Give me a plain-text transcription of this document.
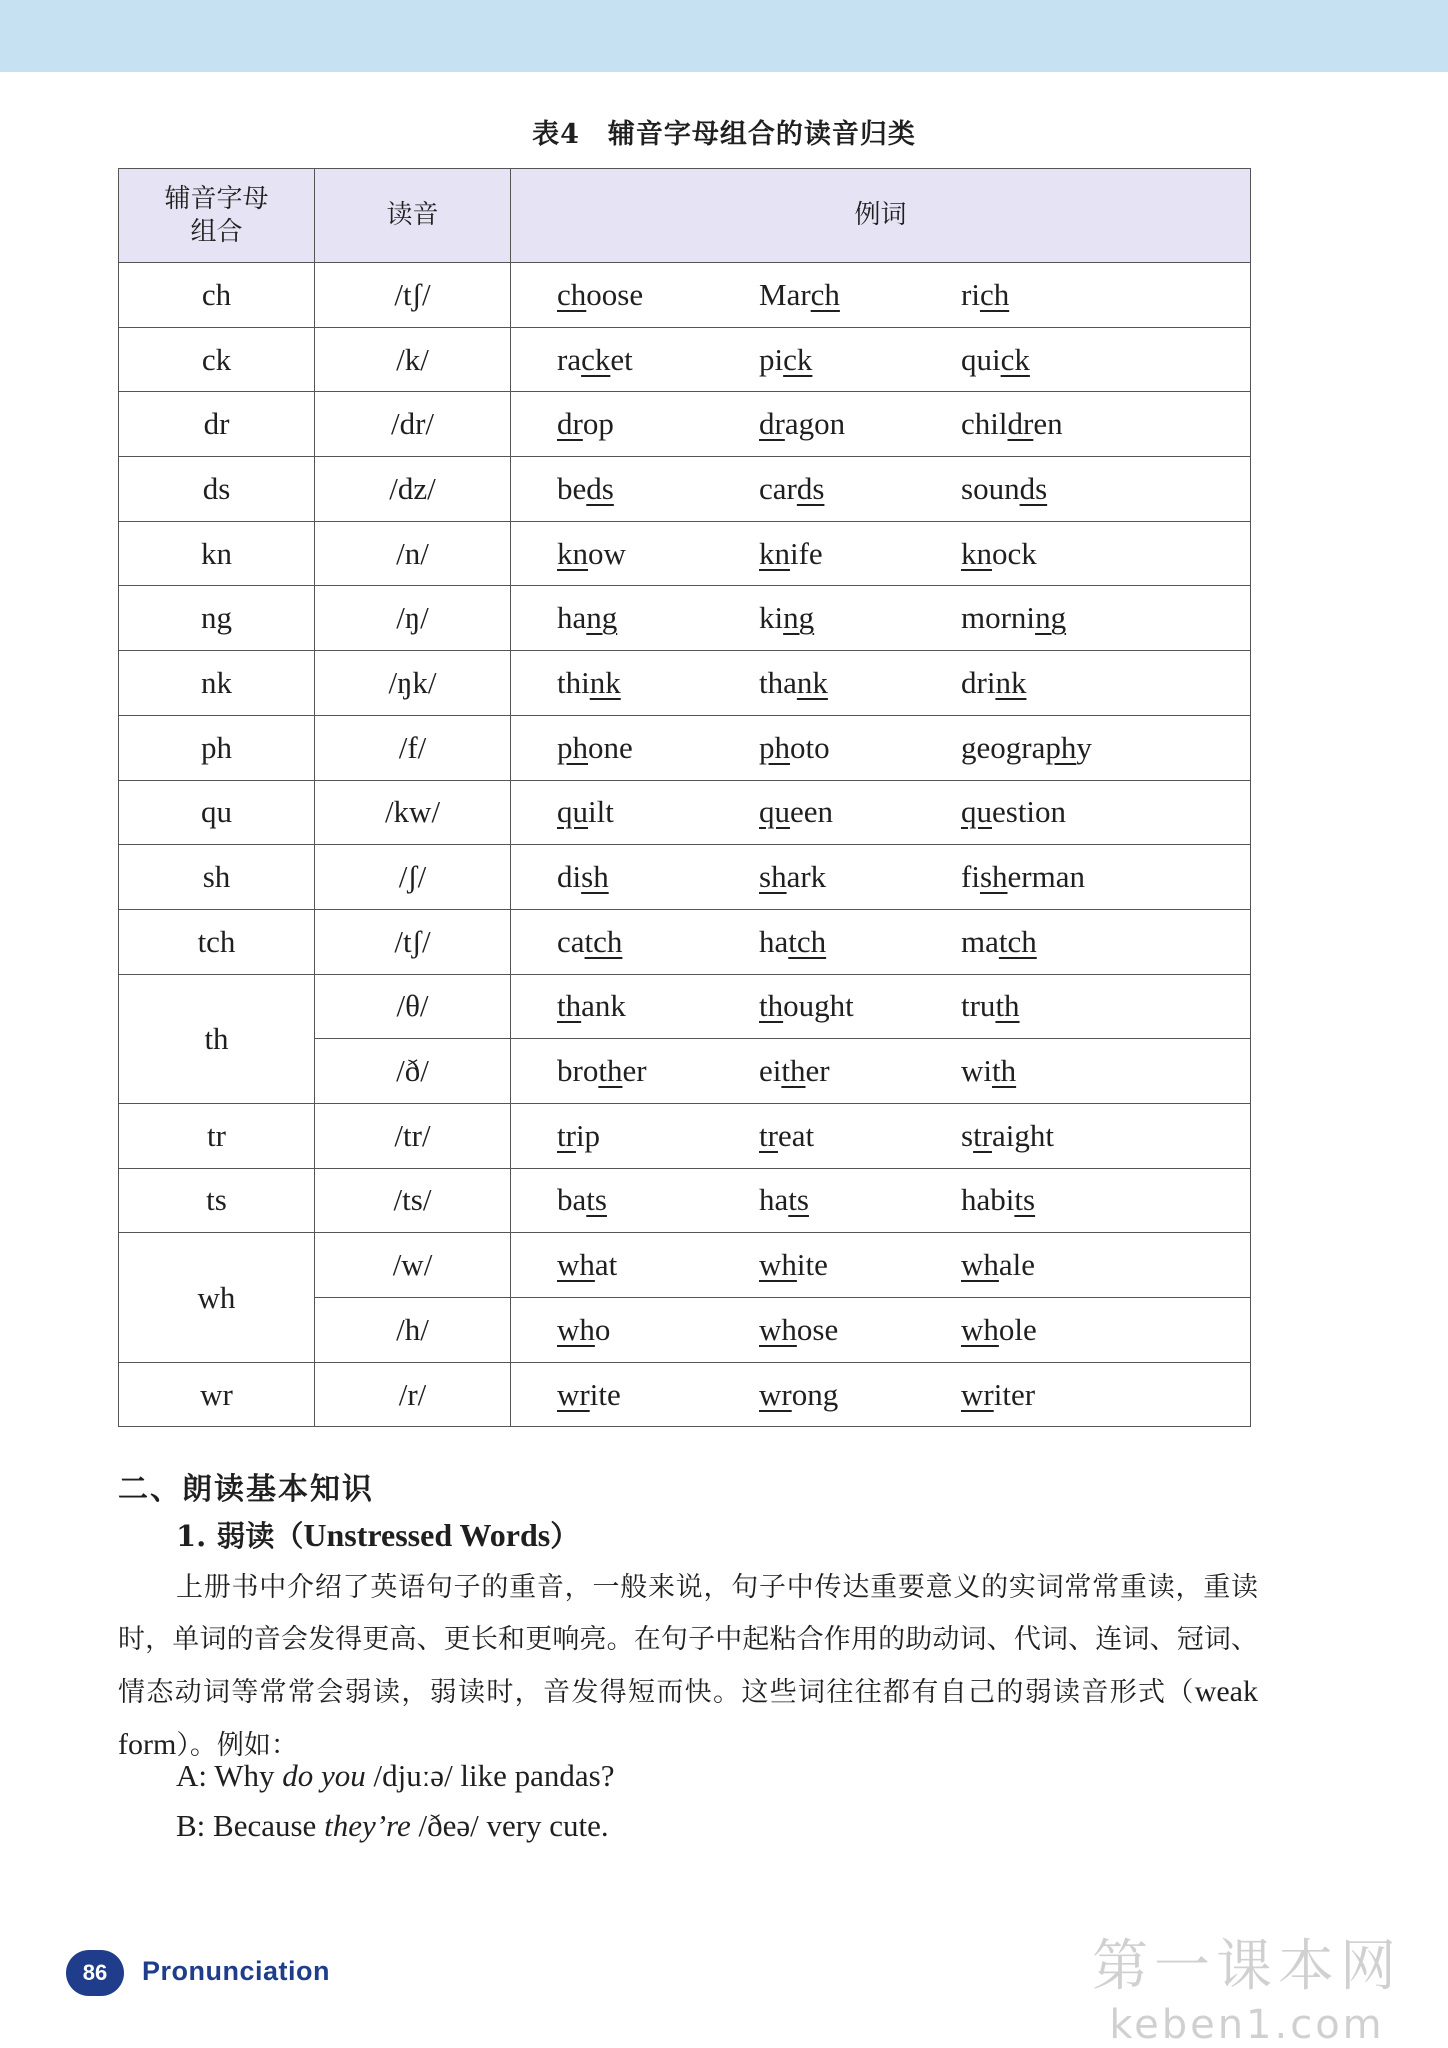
表4　辅音字母组合的读音归类
辅音字母
组合	读音	例词
ch	/tʃ/	choose March rich
ck	/k/	racket pick quick
dr	/dr/	drop dragon children
ds	/dz/	beds cards sounds
kn	/n/	know knife knock
ng	/ŋ/	hang king morning
nk	/ŋk/	think thank drink
ph	/f/	phone photo geography
qu	/kw/	quilt queen question
sh	/ʃ/	dish shark fisherman
tch	/tʃ/	catch hatch match
th	/θ/	thank thought truth
	/ð/	brother either with
tr	/tr/	trip treat straight
ts	/ts/	bats hats habits
wh	/w/	what white whale
	/h/	who whose whole
wr	/r/	write wrong writer
二、朗读基本知识
1. 弱读（Unstressed Words）
上册书中介绍了英语句子的重音，一般来说，句子中传达重要意义的实词常常重读，重读时，单词的音会发得更高、更长和更响亮。在句子中起粘合作用的助动词、代词、连词、冠词、情态动词等常常会弱读，弱读时，音发得短而快。这些词往往都有自己的弱读音形式（weak form）。例如：
A: Why do you /djuːə/ like pandas?
B: Because they’re /ðeə/ very cute.
86	Pronunciation	第一课本网
keben1.com
